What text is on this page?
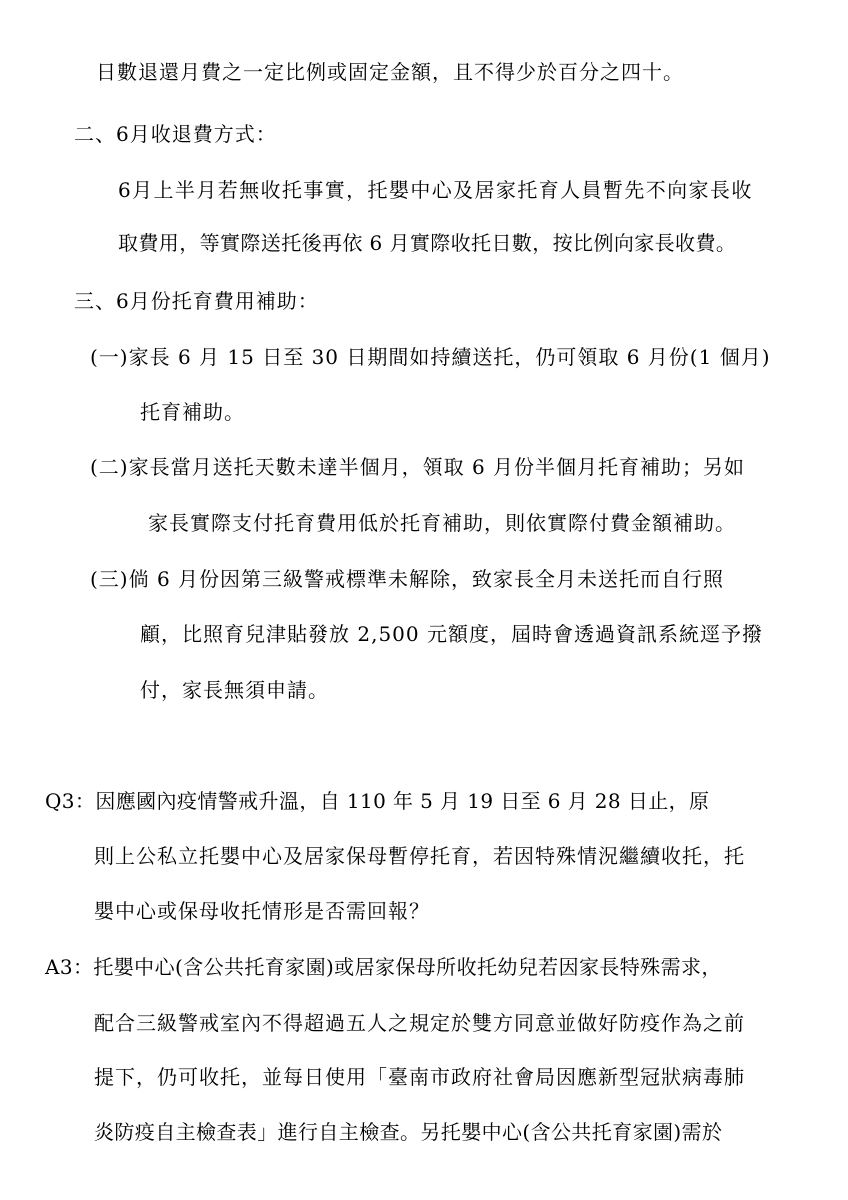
日數退還月費之一定比例或固定金額，且不得少於百分之四十。
二、6月收退費方式：
6月上半月若無收托事實，托嬰中心及居家托育人員暫先不向家長收
取費用，等實際送托後再依 6 月實際收托日數，按比例向家長收費。
三、6月份托育費用補助：
(一)家長 6 月 15 日至 30 日期間如持續送托，仍可領取 6 月份(1 個月)
托育補助。
(二)家長當月送托天數未達半個月，領取 6 月份半個月托育補助；另如
家長實際支付托育費用低於托育補助，則依實際付費金額補助。
(三)倘 6 月份因第三級警戒標準未解除，致家長全月未送托而自行照
顧，比照育兒津貼發放 2,500 元額度，屆時會透過資訊系統逕予撥
付，家長無須申請。
Q3：因應國內疫情警戒升溫，自 110 年 5 月 19 日至 6 月 28 日止，原
則上公私立托嬰中心及居家保母暫停托育，若因特殊情況繼續收托，托
嬰中心或保母收托情形是否需回報？
A3：托嬰中心(含公共托育家園)或居家保母所收托幼兒若因家長特殊需求，
配合三級警戒室內不得超過五人之規定於雙方同意並做好防疫作為之前
提下，仍可收托，並每日使用「臺南市政府社會局因應新型冠狀病毒肺
炎防疫自主檢查表」進行自主檢查。另托嬰中心(含公共托育家園)需於
